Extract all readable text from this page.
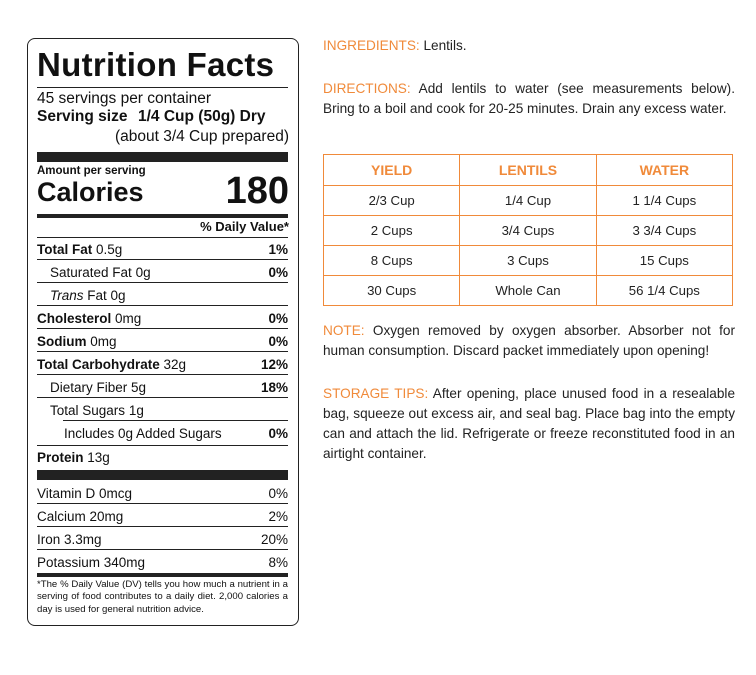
Nutrition Facts
45 servings per container
Serving size 1/4 Cup (50g) Dry
(about 3/4 Cup prepared)
Amount per serving
Calories 180
% Daily Value*
Total Fat 0.5g	1%
Saturated Fat 0g	0%
Trans Fat 0g
Cholesterol 0mg	0%
Sodium 0mg	0%
Total Carbohydrate 32g	12%
Dietary Fiber 5g	18%
Total Sugars 1g
Includes 0g Added Sugars	0%
Protein 13g
Vitamin D 0mcg	0%
Calcium 20mg	2%
Iron 3.3mg	20%
Potassium 340mg	8%
*The % Daily Value (DV) tells you how much a nutrient in a serving of food contributes to a daily diet. 2,000 calories a day is used for general nutrition advice.
INGREDIENTS: Lentils.
DIRECTIONS: Add lentils to water (see measurements below). Bring to a boil and cook for 20-25 minutes. Drain any excess water.
YIELD	LENTILS	WATER
2/3 Cup	1/4 Cup	1 1/4 Cups
2 Cups	3/4 Cups	3 3/4 Cups
8 Cups	3 Cups	15 Cups
30 Cups	Whole Can	56 1/4 Cups
NOTE: Oxygen removed by oxygen absorber. Absorber not for human consumption. Discard packet immediately upon opening!
STORAGE TIPS: After opening, place unused food in a resealable bag, squeeze out excess air, and seal bag. Place bag into the empty can and attach the lid. Refrigerate or freeze reconstituted food in an airtight container.
